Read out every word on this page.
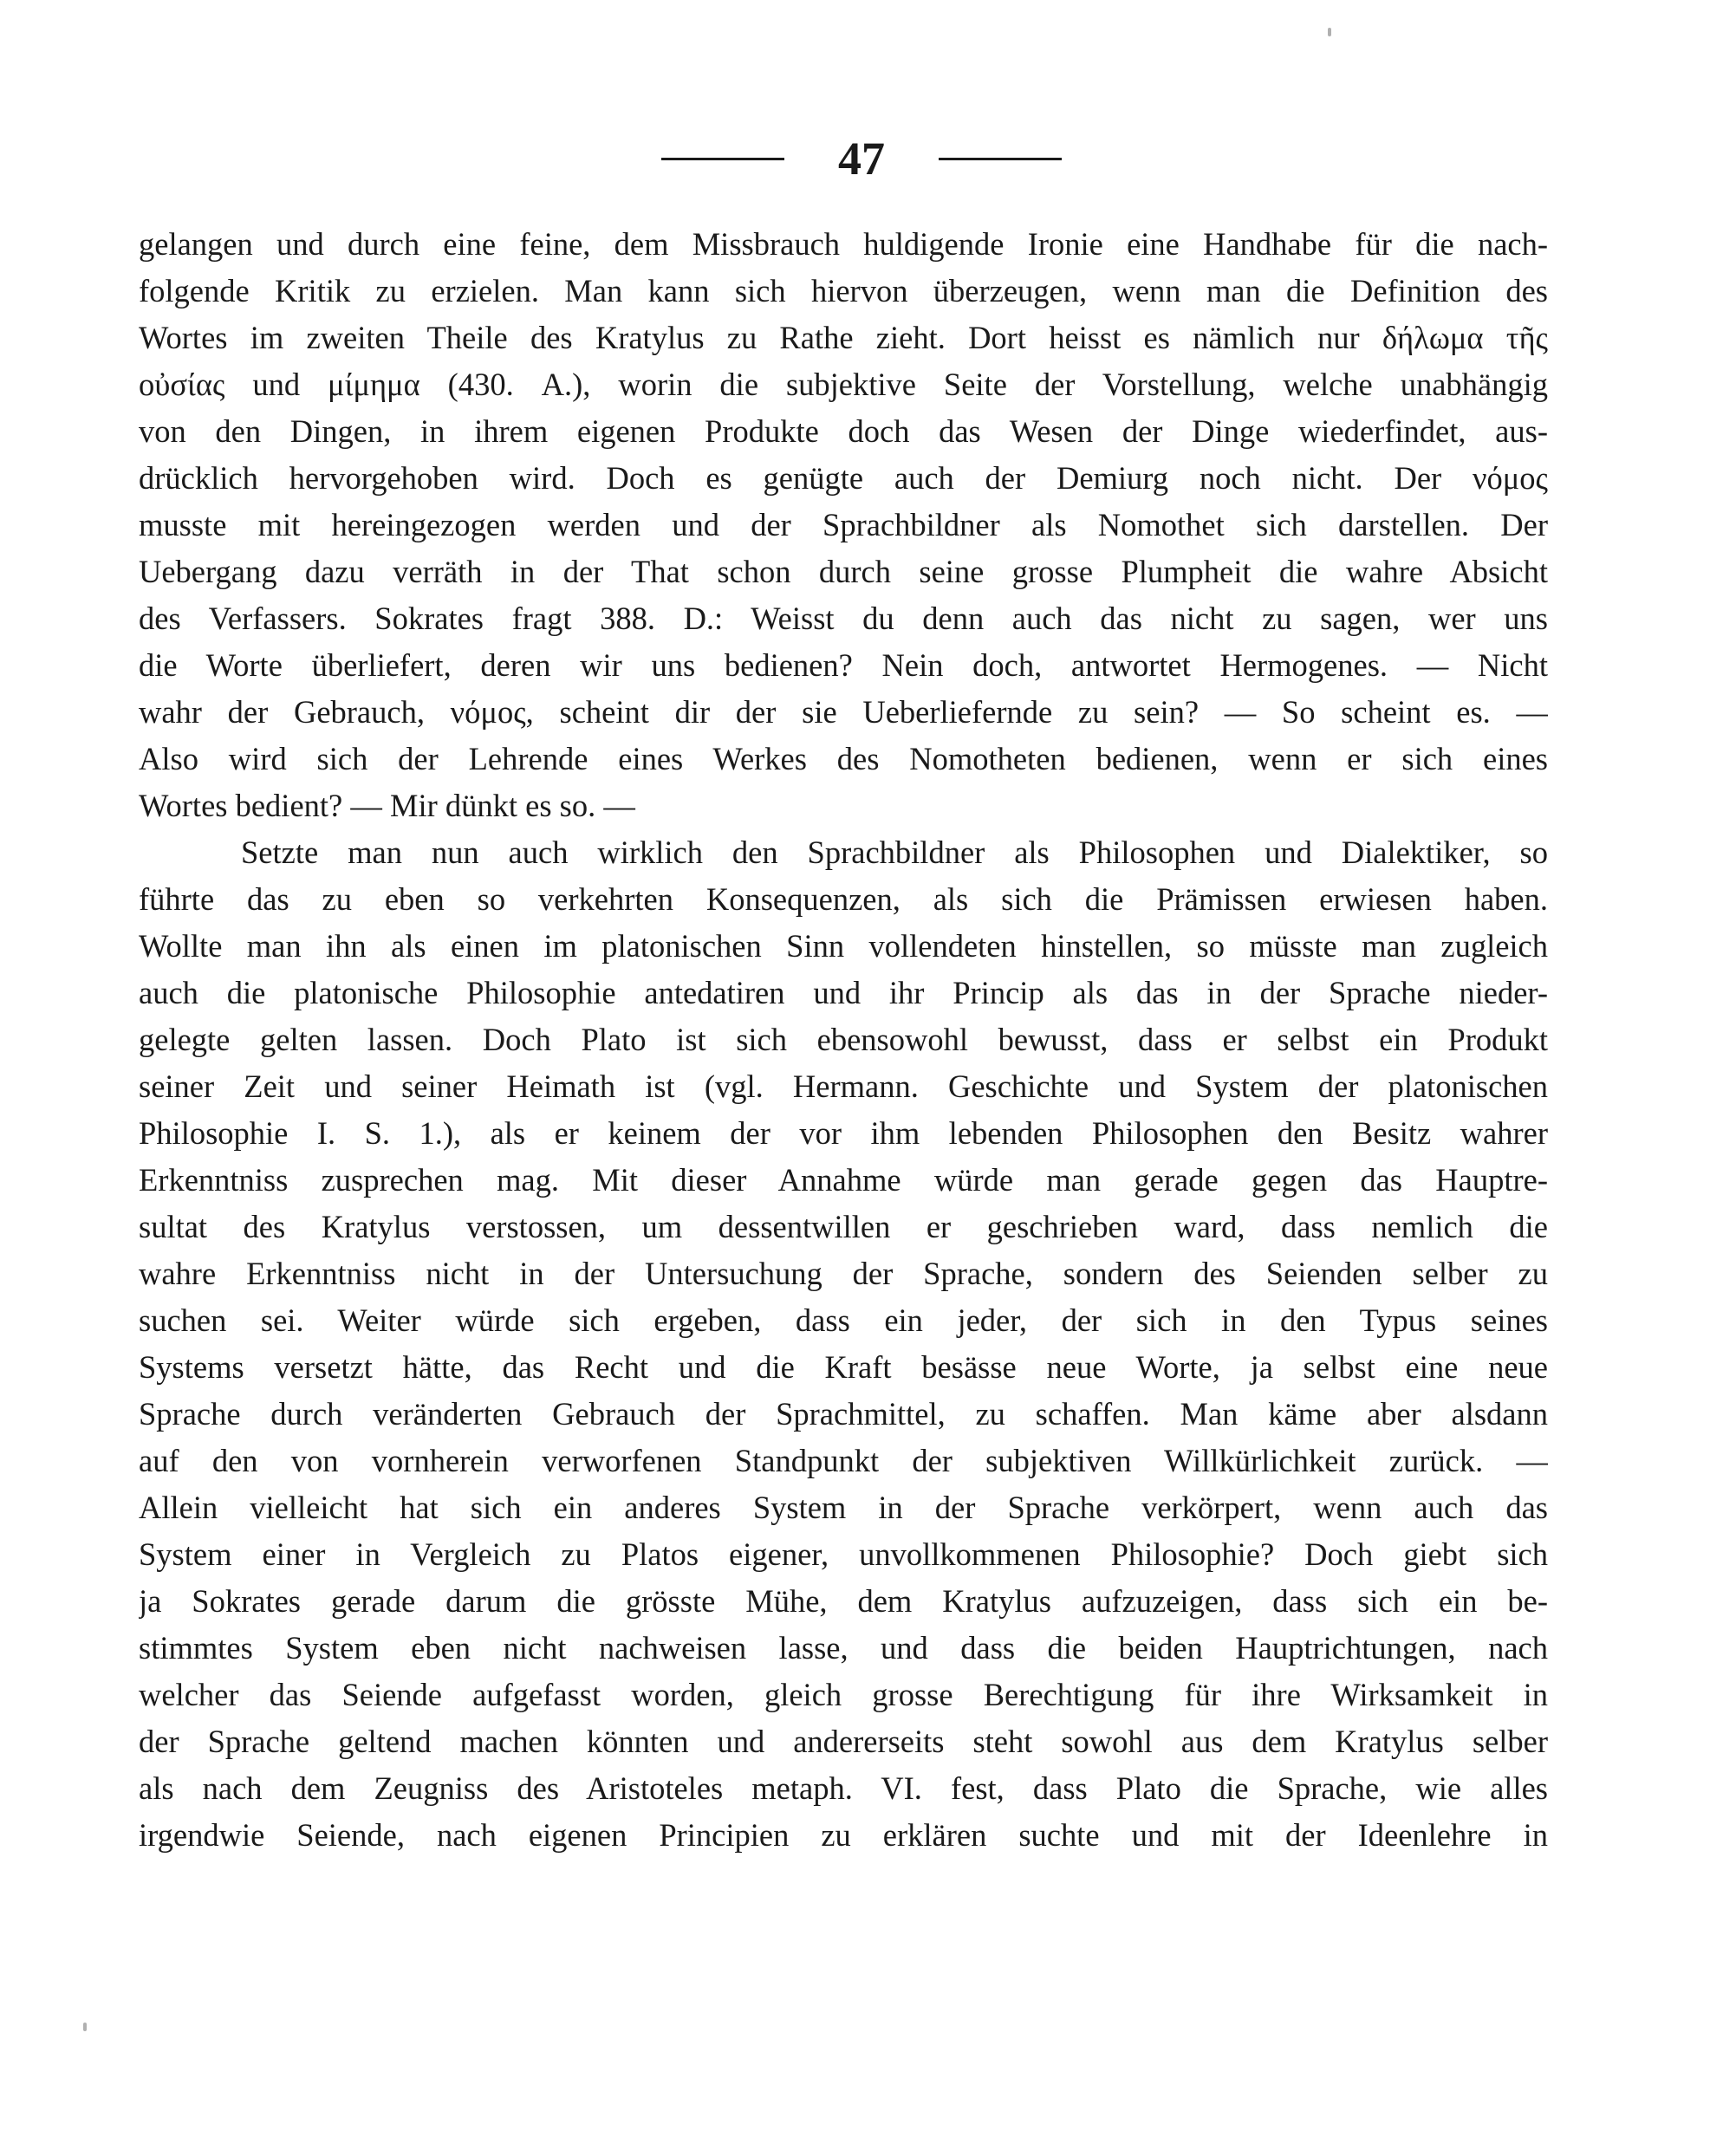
47
gelangen und durch eine feine, dem Missbrauch huldigende Ironie eine Handhabe für die nach-
folgende Kritik zu erzielen. Man kann sich hiervon überzeugen, wenn man die Definition des
Wortes im zweiten Theile des Kratylus zu Rathe zieht. Dort heisst es nämlich nur δήλωμα τῆς
οὐσίας und μίμημα (430. A.), worin die subjektive Seite der Vorstellung, welche unabhängig
von den Dingen, in ihrem eigenen Produkte doch das Wesen der Dinge wiederfindet, aus-
drücklich hervorgehoben wird. Doch es genügte auch der Demiurg noch nicht. Der νόμος
musste mit hereingezogen werden und der Sprachbildner als Nomothet sich darstellen. Der
Uebergang dazu verräth in der That schon durch seine grosse Plumpheit die wahre Absicht
des Verfassers. Sokrates fragt 388. D.: Weisst du denn auch das nicht zu sagen, wer uns
die Worte überliefert, deren wir uns bedienen? Nein doch, antwortet Hermogenes. — Nicht
wahr der Gebrauch, νόμος, scheint dir der sie Ueberliefernde zu sein? — So scheint es. —
Also wird sich der Lehrende eines Werkes des Nomotheten bedienen, wenn er sich eines
Wortes bedient? — Mir dünkt es so. —
Setzte man nun auch wirklich den Sprachbildner als Philosophen und Dialektiker, so
führte das zu eben so verkehrten Konsequenzen, als sich die Prämissen erwiesen haben.
Wollte man ihn als einen im platonischen Sinn vollendeten hinstellen, so müsste man zugleich
auch die platonische Philosophie antedatiren und ihr Princip als das in der Sprache nieder-
gelegte gelten lassen. Doch Plato ist sich ebensowohl bewusst, dass er selbst ein Produkt
seiner Zeit und seiner Heimath ist (vgl. Hermann. Geschichte und System der platonischen
Philosophie I. S. 1.), als er keinem der vor ihm lebenden Philosophen den Besitz wahrer
Erkenntniss zusprechen mag. Mit dieser Annahme würde man gerade gegen das Hauptre-
sultat des Kratylus verstossen, um dessentwillen er geschrieben ward, dass nemlich die
wahre Erkenntniss nicht in der Untersuchung der Sprache, sondern des Seienden selber zu
suchen sei. Weiter würde sich ergeben, dass ein jeder, der sich in den Typus seines
Systems versetzt hätte, das Recht und die Kraft besässe neue Worte, ja selbst eine neue
Sprache durch veränderten Gebrauch der Sprachmittel, zu schaffen. Man käme aber alsdann
auf den von vornherein verworfenen Standpunkt der subjektiven Willkürlichkeit zurück. —
Allein vielleicht hat sich ein anderes System in der Sprache verkörpert, wenn auch das
System einer in Vergleich zu Platos eigener, unvollkommenen Philosophie? Doch giebt sich
ja Sokrates gerade darum die grösste Mühe, dem Kratylus aufzuzeigen, dass sich ein be-
stimmtes System eben nicht nachweisen lasse, und dass die beiden Hauptrichtungen, nach
welcher das Seiende aufgefasst worden, gleich grosse Berechtigung für ihre Wirksamkeit in
der Sprache geltend machen könnten und andererseits steht sowohl aus dem Kratylus selber
als nach dem Zeugniss des Aristoteles metaph. VI. fest, dass Plato die Sprache, wie alles
irgendwie Seiende, nach eigenen Principien zu erklären suchte und mit der Ideenlehre in
